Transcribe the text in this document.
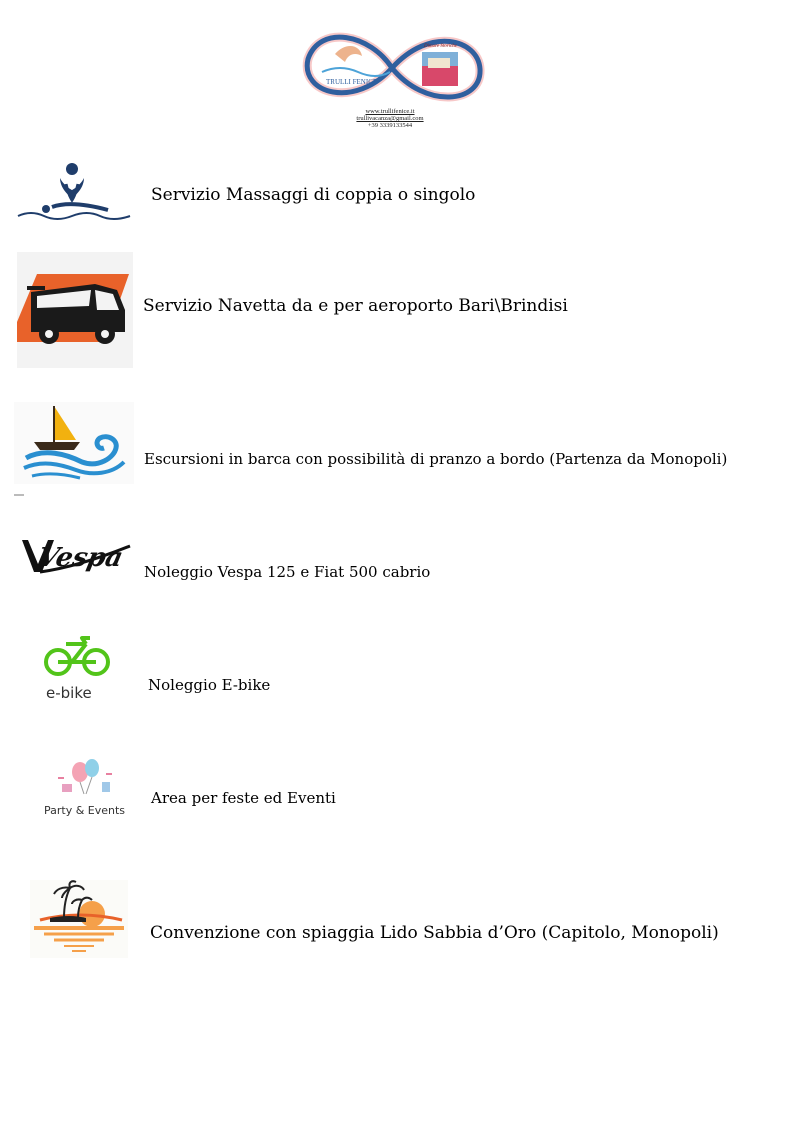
TRULLI FENICE
Dimore Storiche
www.trullifenice.it
trullivacanza@gmail.com
+39 3339133544
Servizio Massaggi di coppia o singolo
Servizio Navetta da e per aeroporto Bari\Brindisi
Escursioni in barca con possibilità di pranzo a bordo (Partenza da Monopoli)
Vespa Noleggio Vespa 125 e Fiat 500 cabrio
e-bike	Noleggio E-bike
Party & Events
Area per feste ed Eventi
Convenzione con spiaggia Lido Sabbia d’Oro (Capitolo, Monopoli)
